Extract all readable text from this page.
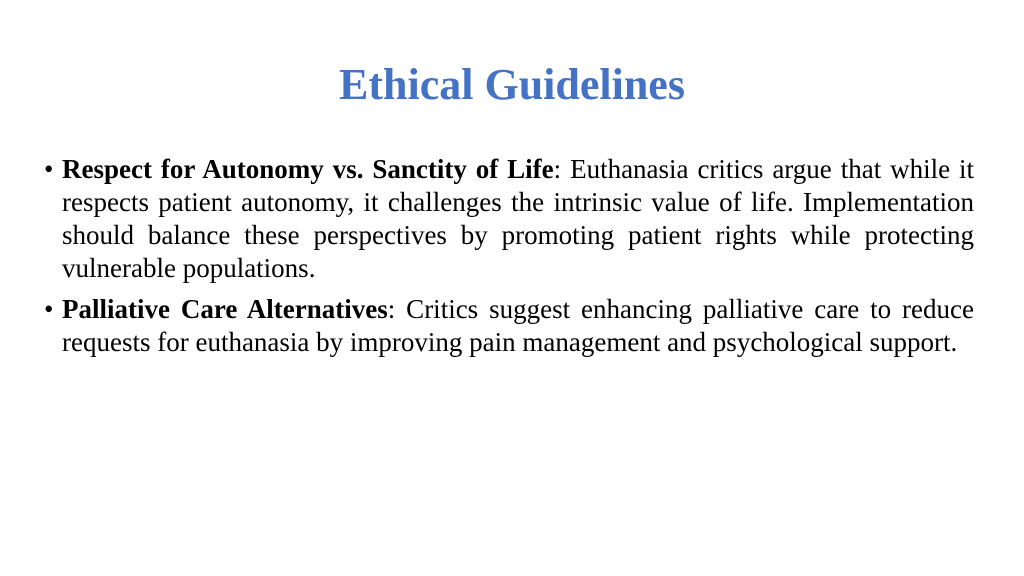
Ethical Guidelines
• Respect for Autonomy vs. Sanctity of Life: Euthanasia critics argue that while it respects patient autonomy, it challenges the intrinsic value of life. Implementation should balance these perspectives by promoting patient rights while protecting vulnerable populations.
• Palliative Care Alternatives: Critics suggest enhancing palliative care to reduce requests for euthanasia by improving pain management and psychological support.
